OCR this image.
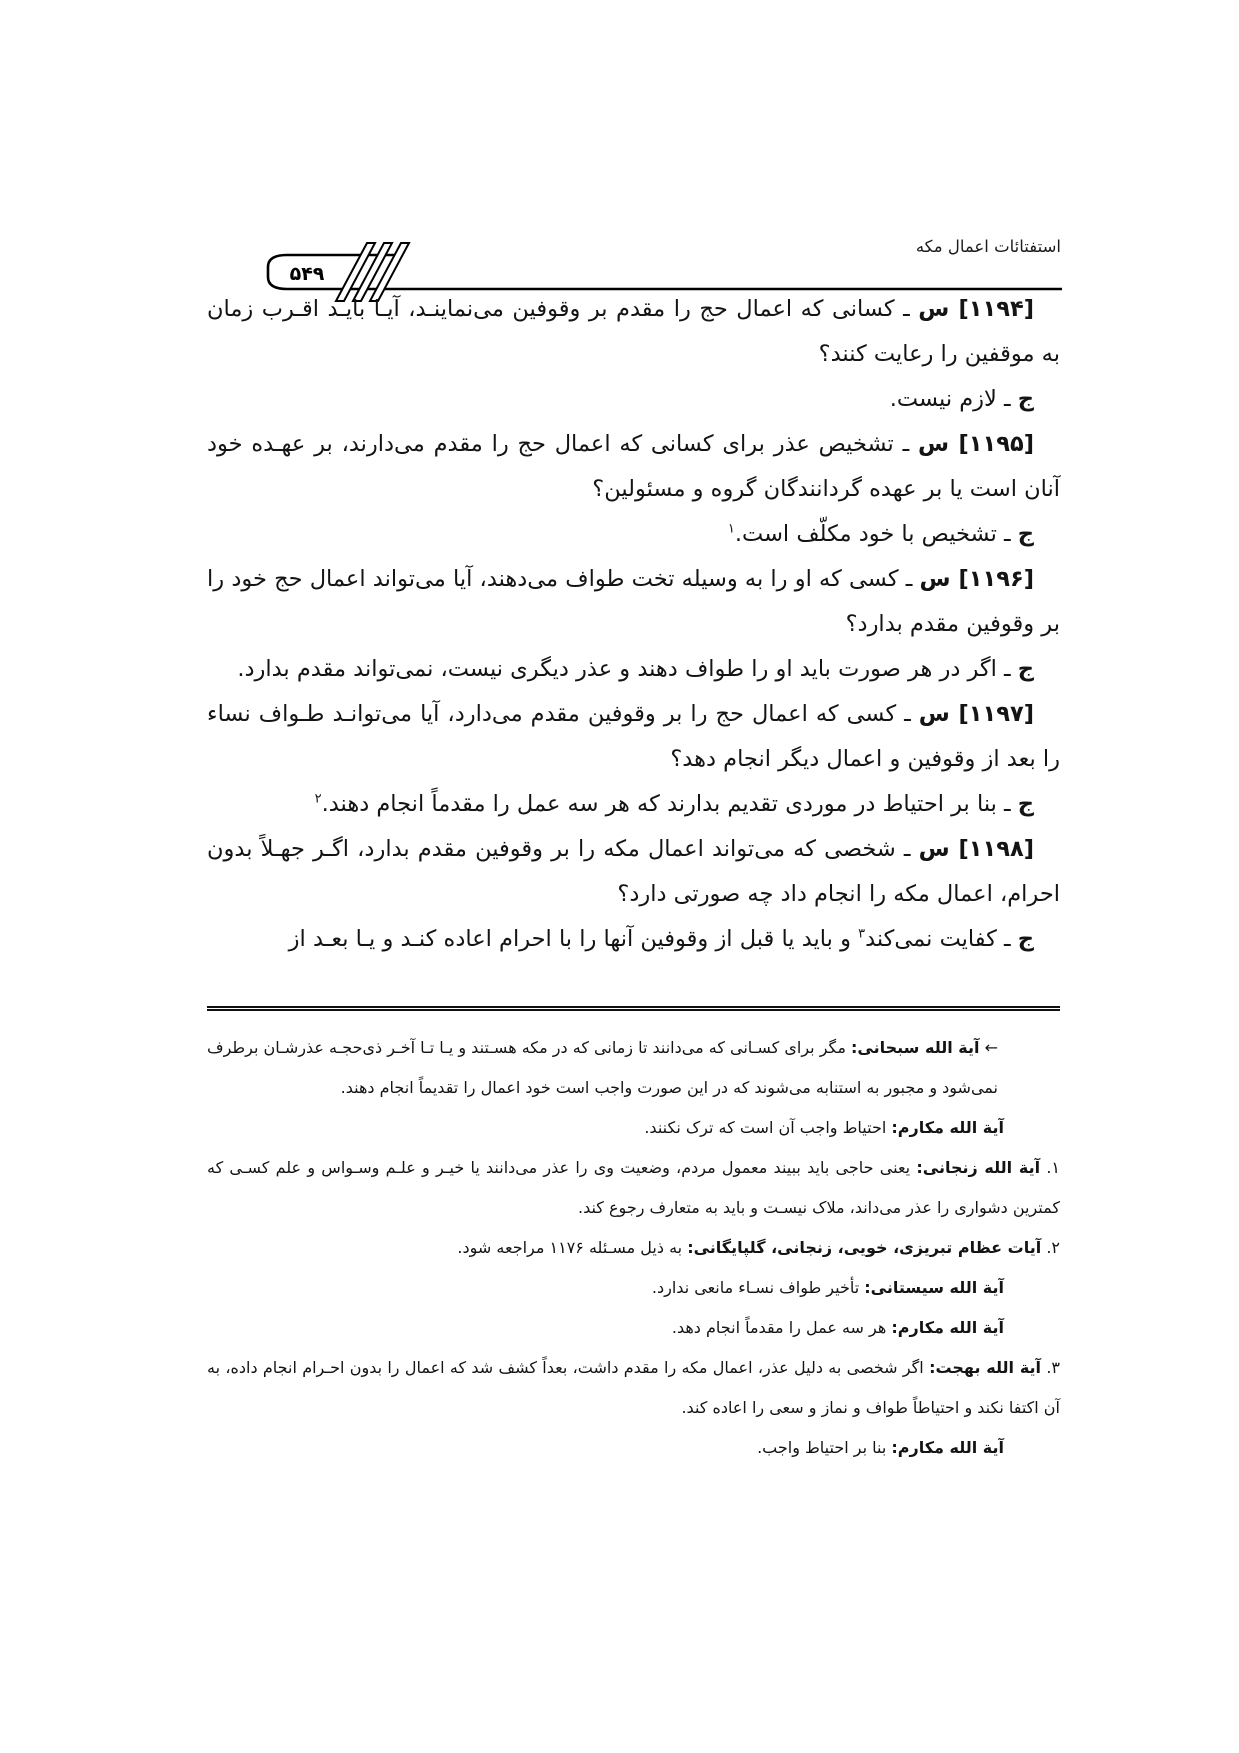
استفتائات اعمال مکه
۵۴۹

[۱۱۹۴] س ـ کسانی که اعمال حج را مقدم بر وقوفین می‌نماینـد، آیـا بایـد اقـرب زمان به موقفین را رعایت کنند؟

ج ـ لازم نیست.

[۱۱۹۵] س ـ تشخیص عذر برای کسانی که اعمال حج را مقدم می‌دارند، بر عهـده خود آنان است یا بر عهده گردانندگان گروه و مسئولین؟

ج ـ تشخیص با خود مکلّف است.$^۱$

[۱۱۹۶] س ـ کسی که او را به وسیله تخت طواف می‌دهند، آیا می‌تواند اعمال حج خود را بر وقوفین مقدم بدارد؟

ج ـ اگر در هر صورت باید او را طواف دهند و عذر دیگری نیست، نمی‌تواند مقدم بدارد.

[۱۱۹۷] س ـ کسی که اعمال حج را بر وقوفین مقدم می‌دارد، آیا می‌توانـد طـواف نساء را بعد از وقوفین و اعمال دیگر انجام دهد؟

ج ـ بنا بر احتیاط در موردی تقدیم بدارند که هر سه عمل را مقدماً انجام دهند.$^۲$

[۱۱۹۸] س ـ شخصی که می‌تواند اعمال مکه را بر وقوفین مقدم بدارد، اگـر جهـلاً بدون احرام، اعمال مکه را انجام داد چه صورتی دارد؟

ج ـ کفایت نمی‌کند$^۳$ و باید یا قبل از وقوفین آنها را با احرام اعاده کنـد و یـا بعـد از

← آیة الله سبحانی: مگر برای کسـانی که می‌دانند تا زمانی که در مکه هسـتند و یـا تـا آخـر ذی‌حجـه عذرشـان برطرف نمی‌شود و مجبور به استنابه می‌شوند که در این صورت واجب است خود اعمال را تقدیماً انجام دهند.

آیة الله مکارم: احتیاط واجب آن است که ترک نکنند.

۱. آیة الله زنجانی: یعنی حاجی باید ببیند معمول مردم، وضعیت وی را عذر می‌دانند یا خیـر و علـم وسـواس و علم کسـی که کمترین دشواری را عذر می‌داند، ملاک نیسـت و باید به متعارف رجوع کند.

۲. آیات عظام تبریزی، خویی، زنجانی، گلپایگانی: به ذیل مسـئله ۱۱۷۶ مراجعه شود.

آیة الله سیستانی: تأخیر طواف نسـاء مانعی ندارد.

آیة الله مکارم: هر سه عمل را مقدماً انجام دهد.

۳. آیة الله بهجت: اگر شخصی به دلیل عذر، اعمال مکه را مقدم داشت، بعداً کشف شد که اعمال را بدون احـرام انجام داده، به آن اکتفا نکند و احتیاطاً طواف و نماز و سعی را اعاده کند.

آیة الله مکارم: بنا بر احتیاط واجب.
